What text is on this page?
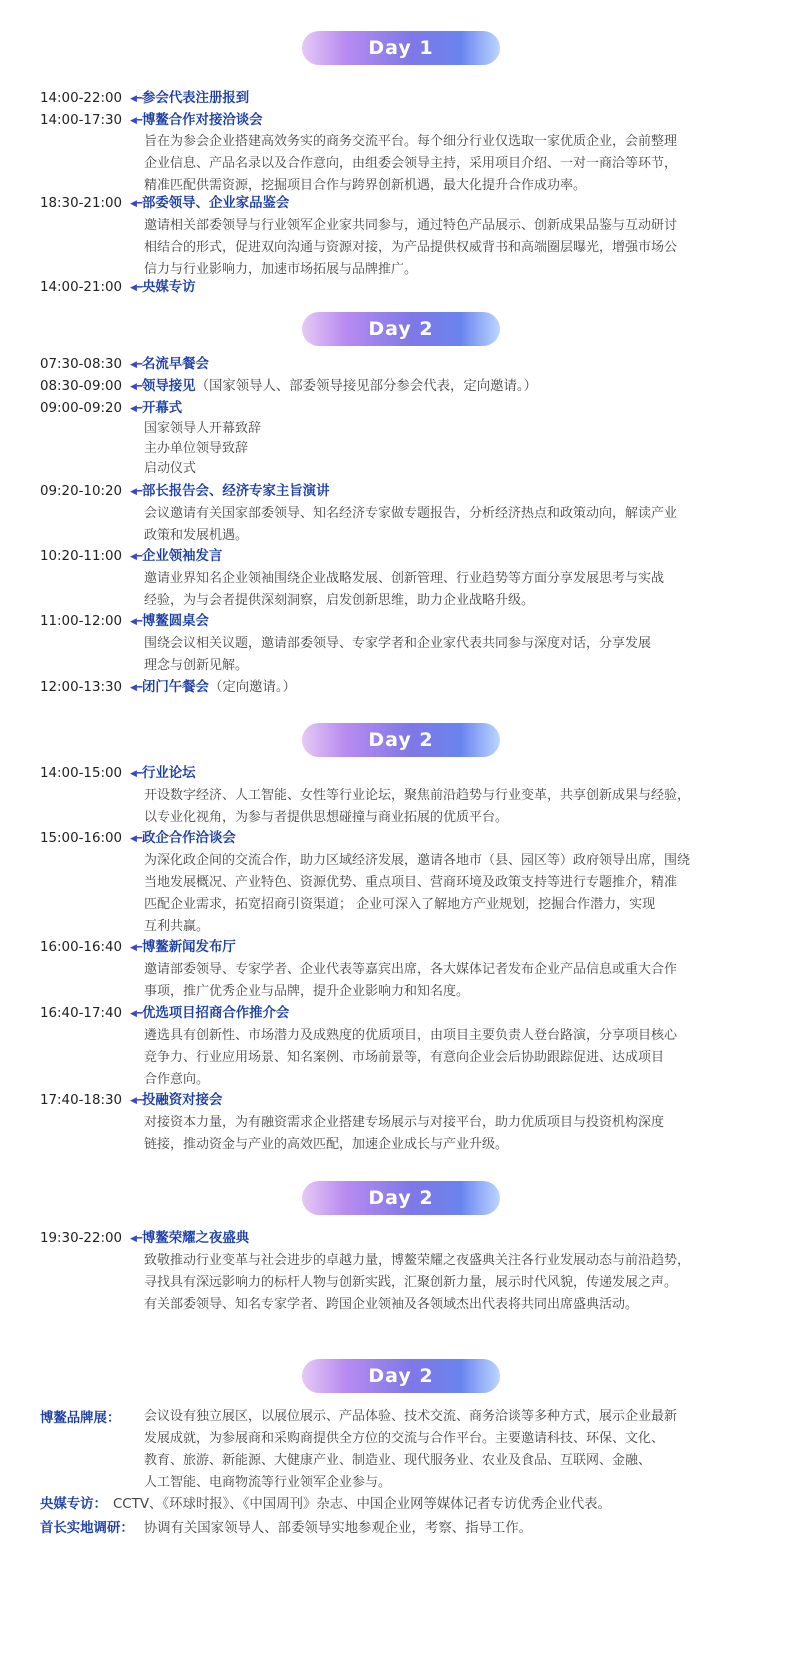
Day 1
Day 2
Day 2
Day 2
Day 2
14:00-22:00 ◀━参会代表注册报到
14:00-17:30 ◀━博鳌合作对接洽谈会
旨在为参会企业搭建高效务实的商务交流平台。每个细分行业仅选取一家优质企业，会前整理
企业信息、产品名录以及合作意向，由组委会领导主持，采用项目介绍、一对一商洽等环节，
精准匹配供需资源，挖掘项目合作与跨界创新机遇，最大化提升合作成功率。
18:30-21:00 ◀━部委领导、企业家品鉴会
邀请相关部委领导与行业领军企业家共同参与，通过特色产品展示、创新成果品鉴与互动研讨
相结合的形式，促进双向沟通与资源对接，为产品提供权威背书和高端圈层曝光，增强市场公
信力与行业影响力，加速市场拓展与品牌推广。
14:00-21:00 ◀━央媒专访
07:30-08:30 ◀━名流早餐会
08:30-09:00 ◀━领导接见（国家领导人、部委领导接见部分参会代表，定向邀请。）
09:00-09:20 ◀━开幕式
国家领导人开幕致辞
主办单位领导致辞
启动仪式
09:20-10:20 ◀━部长报告会、经济专家主旨演讲
会议邀请有关国家部委领导、知名经济专家做专题报告，分析经济热点和政策动向，解读产业
政策和发展机遇。
10:20-11:00 ◀━企业领袖发言
邀请业界知名企业领袖围绕企业战略发展、创新管理、行业趋势等方面分享发展思考与实战
经验，为与会者提供深刻洞察，启发创新思维，助力企业战略升级。
11:00-12:00 ◀━博鳌圆桌会
围绕会议相关议题，邀请部委领导、专家学者和企业家代表共同参与深度对话，分享发展
理念与创新见解。
12:00-13:30 ◀━闭门午餐会（定向邀请。）
14:00-15:00 ◀━行业论坛
开设数字经济、人工智能、女性等行业论坛，聚焦前沿趋势与行业变革，共享创新成果与经验，
以专业化视角，为参与者提供思想碰撞与商业拓展的优质平台。
15:00-16:00 ◀━政企合作洽谈会
为深化政企间的交流合作，助力区域经济发展，邀请各地市（县、园区等）政府领导出席，围绕
当地发展概况、产业特色、资源优势、重点项目、营商环境及政策支持等进行专题推介，精准
匹配企业需求，拓宽招商引资渠道； 企业可深入了解地方产业规划，挖掘合作潜力，实现
互利共赢。
16:00-16:40 ◀━博鳌新闻发布厅
邀请部委领导、专家学者、企业代表等嘉宾出席，各大媒体记者发布企业产品信息或重大合作
事项，推广优秀企业与品牌，提升企业影响力和知名度。
16:40-17:40 ◀━优选项目招商合作推介会
遴选具有创新性、市场潜力及成熟度的优质项目，由项目主要负责人登台路演，分享项目核心
竞争力、行业应用场景、知名案例、市场前景等，有意向企业会后协助跟踪促进、达成项目
合作意向。
17:40-18:30 ◀━投融资对接会
对接资本力量，为有融资需求企业搭建专场展示与对接平台，助力优质项目与投资机构深度
链接，推动资金与产业的高效匹配，加速企业成长与产业升级。
19:30-22:00 ◀━博鳌荣耀之夜盛典
致敬推动行业变革与社会进步的卓越力量，博鳌荣耀之夜盛典关注各行业发展动态与前沿趋势，
寻找具有深远影响力的标杆人物与创新实践，汇聚创新力量，展示时代风貌，传递发展之声。
有关部委领导、知名专家学者、跨国企业领袖及各领域杰出代表将共同出席盛典活动。
博鳌品牌展： 会议设有独立展区，以展位展示、产品体验、技术交流、商务洽谈等多种方式，展示企业最新
发展成就，为参展商和采购商提供全方位的交流与合作平台。主要邀请科技、环保、文化、
教育、旅游、新能源、大健康产业、制造业、现代服务业、农业及食品、互联网、金融、
人工智能、电商物流等行业领军企业参与。
央媒专访： CCTV、《环球时报》、《中国周刊》杂志、中国企业网等媒体记者专访优秀企业代表。
首长实地调研： 协调有关国家领导人、部委领导实地参观企业，考察、指导工作。
